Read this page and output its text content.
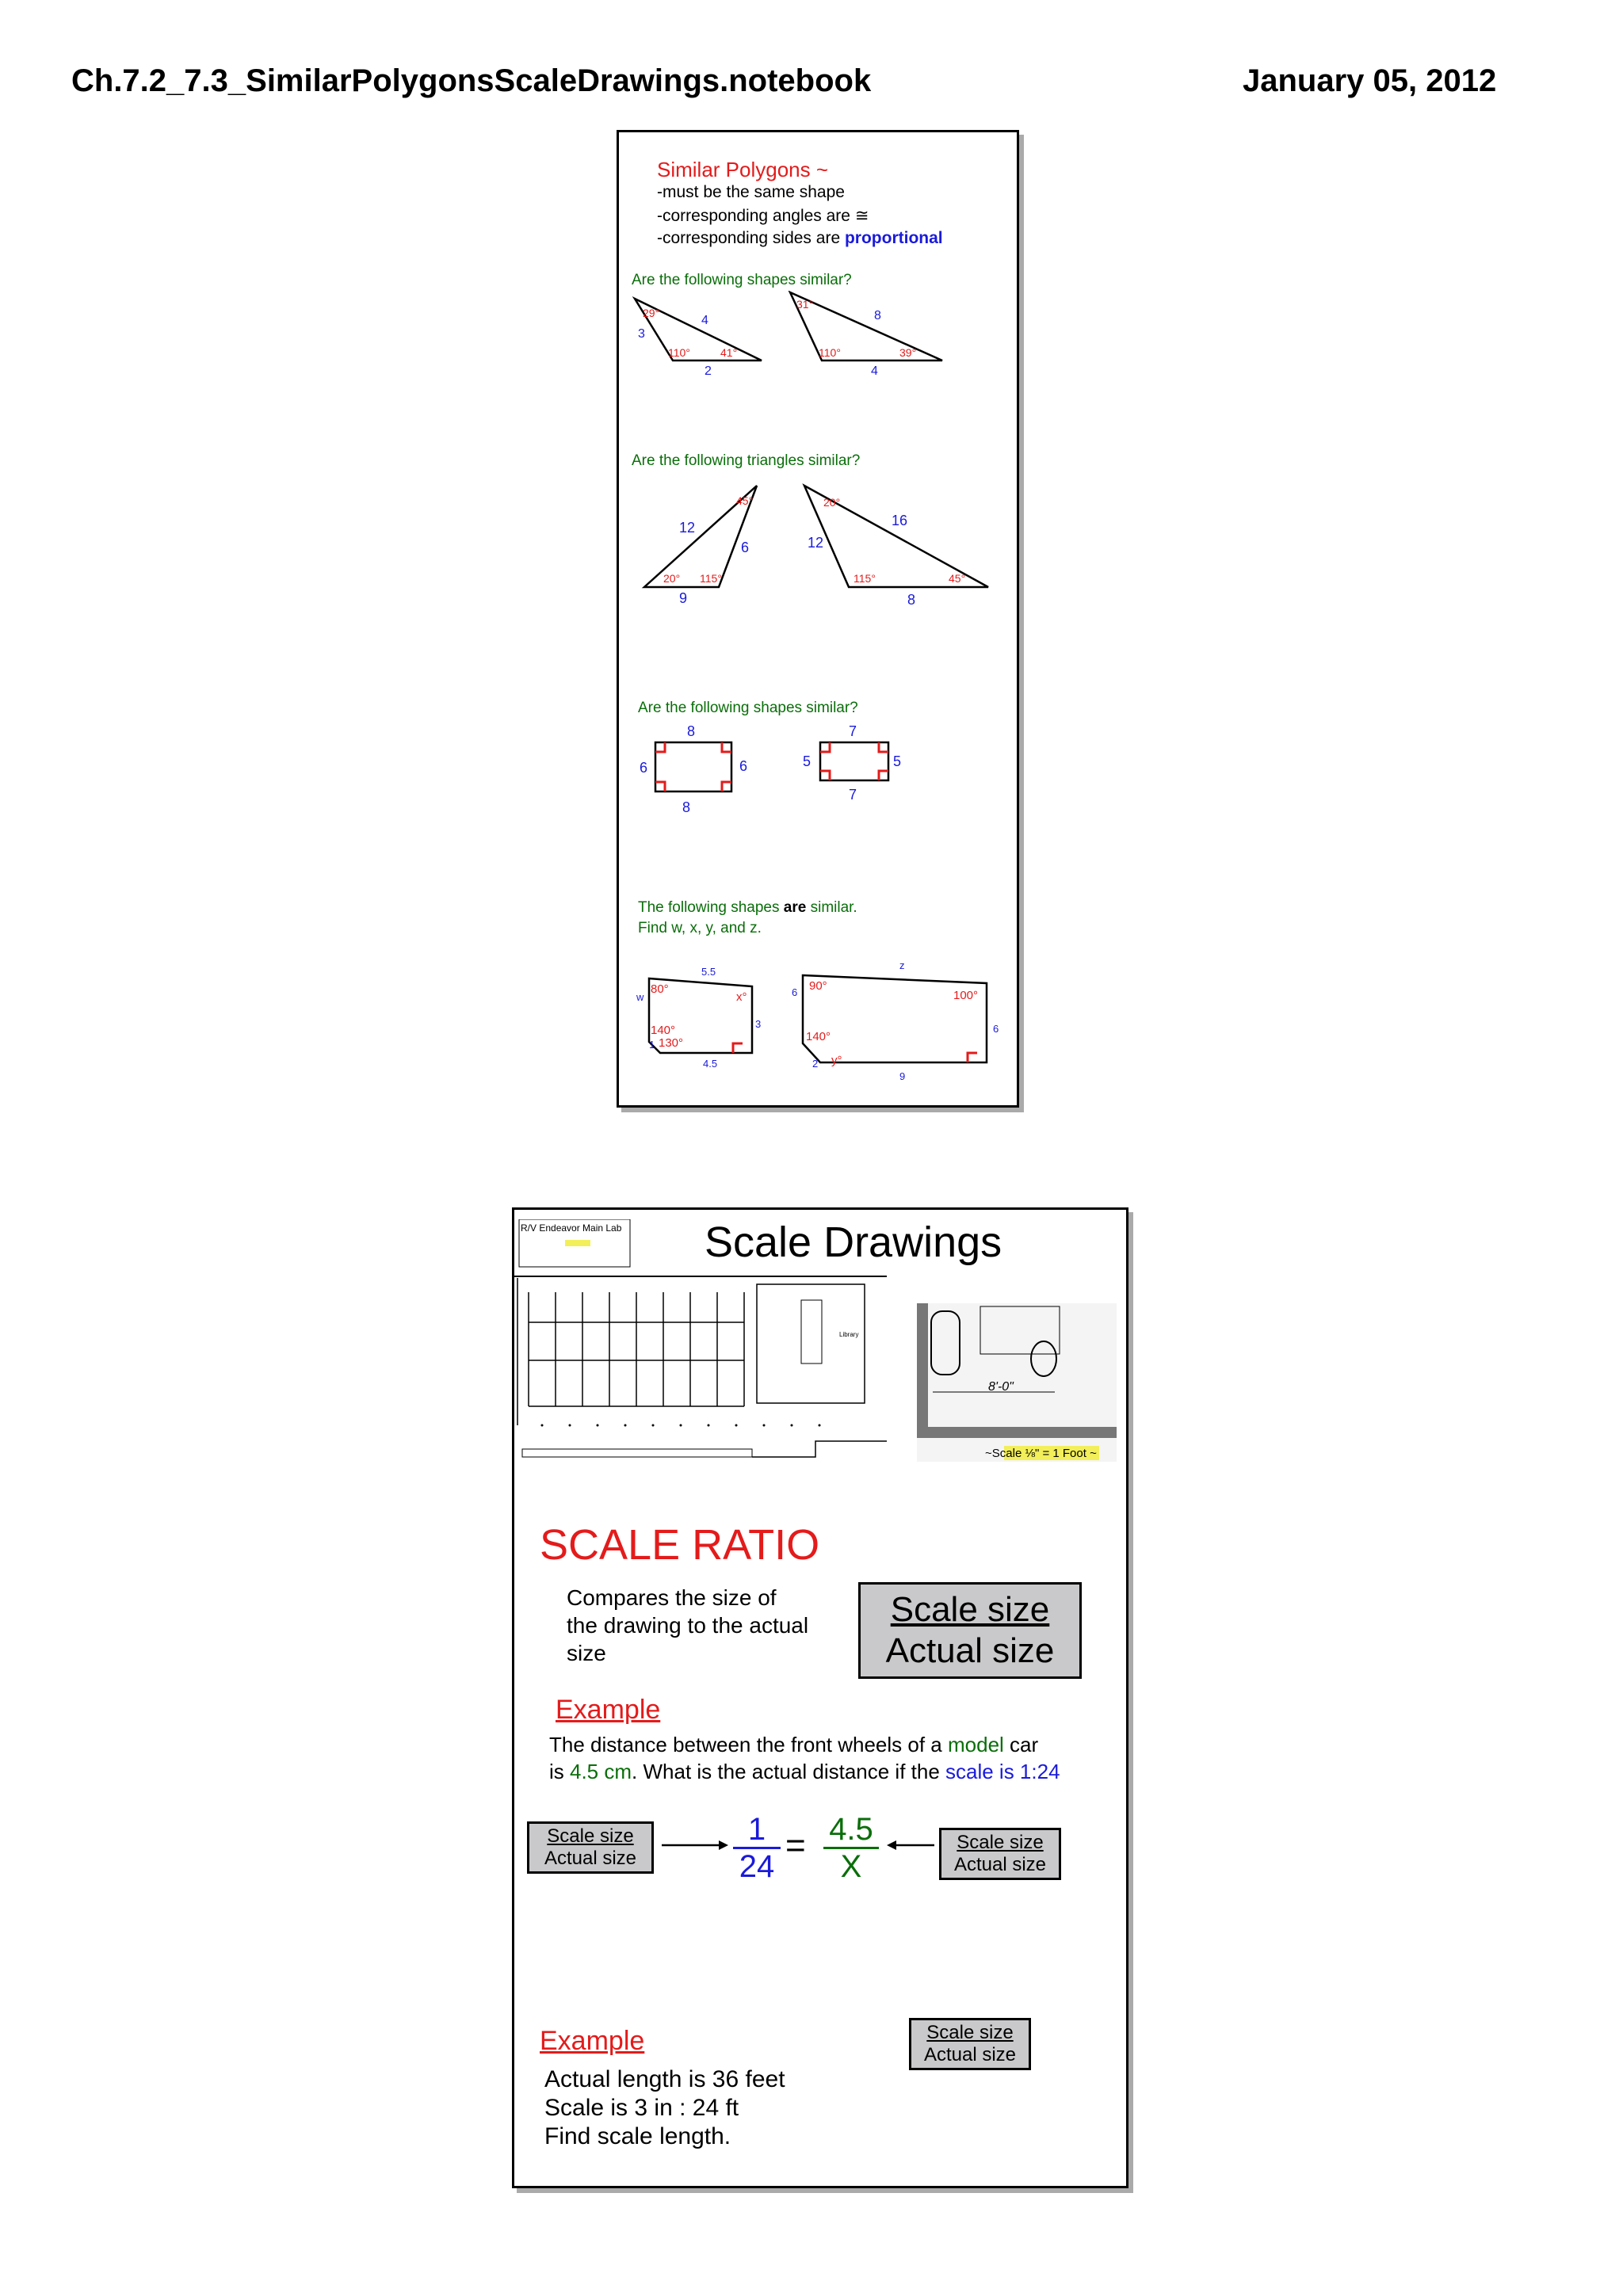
Ch.7.2_7.3_SimilarPolygonsScaleDrawings.notebook	January 05, 2012
Similar Polygons ~
-must be the same shape
-corresponding angles are ≅
-corresponding sides are proportional
Are the following shapes similar?
29°
110°	41°
4
3
2
31°
110°	39°
8
4
Are the following triangles similar?
45°
20° 115°
12
6
9
20°
115°	45°
16
12
8
Are the following shapes similar?
8
8
6	6
7
7
5	5
The following shapes are similar.
Find w, x, y, and z.
5.5
80°
w	x°
3
140°
130°
1
4.5
z
6 90°
100°
6
140°
2 y°
9
R/V Endeavor Main Lab
Library
Scale Drawings
8'-0"
~Scale ⅛" = 1 Foot ~
SCALE RATIO
Compares the size of
the drawing to the actual
size
Scale size
Actual size
Example
The distance between the front wheels of a model car
is 4.5 cm. What is the actual distance if the scale is 1:24
Scale size
Actual size	$\frac{1}{24} = \frac{4.5}{X}$	Scale size
Actual size
Example	Scale size
Actual size
Actual length is 36 feet
Scale is 3 in : 24 ft
Find scale length.
